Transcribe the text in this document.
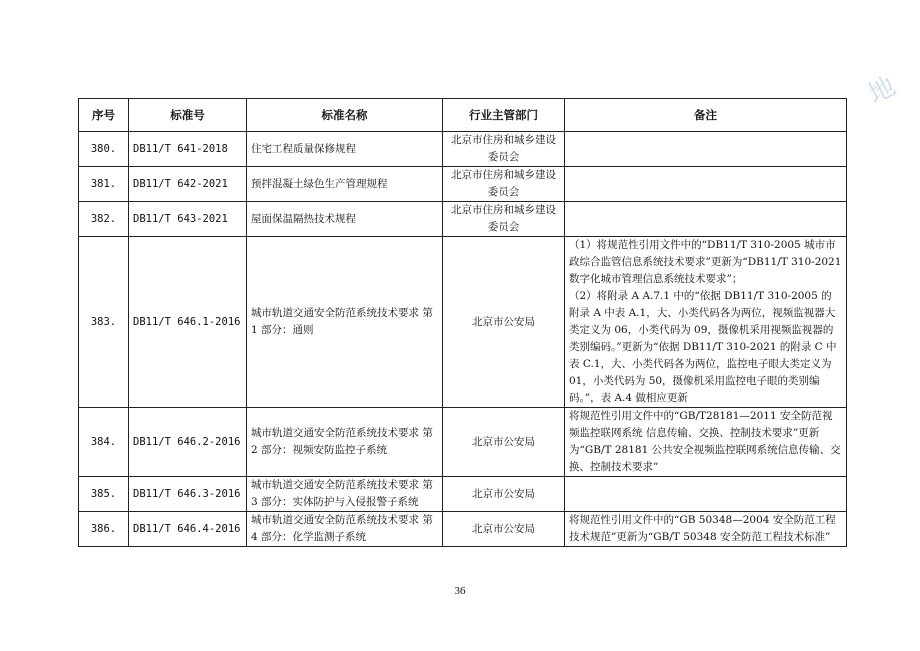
地
序号	标准号	标准名称	行业主管部门	备注
380.	DB11/T 641-2018	住宅工程质量保修规程	北京市住房和城乡建设委员会	
381.	DB11/T 642-2021	预拌混凝土绿色生产管理规程	北京市住房和城乡建设委员会	
382.	DB11/T 643-2021	屋面保温隔热技术规程	北京市住房和城乡建设委员会	
383.	DB11/T 646.1-2016	城市轨道交通安全防范系统技术要求 第 1 部分：通则	北京市公安局	（1）将规范性引用文件中的“DB11/T 310-2005 城市市政综合监管信息系统技术要求”更新为“DB11/T 310-2021 数字化城市管理信息系统技术要求”；
（2）将附录 A A.7.1 中的“依据 DB11/T 310-2005 的附录 A 中表 A.1，大、小类代码各为两位，视频监视器大类定义为 06，小类代码为 09，摄像机采用视频监视器的类别编码。”更新为“依据 DB11/T 310-2021 的附录 C 中表 C.1，大、小类代码各为两位，监控电子眼大类定义为 01，小类代码为 50，摄像机采用监控电子眼的类别编码。”，表 A.4 做相应更新

384.	DB11/T 646.2-2016	城市轨道交通安全防范系统技术要求 第 2 部分：视频安防监控子系统	北京市公安局	将规范性引用文件中的“GB/T28181—2011 安全防范视频监控联网系统 信息传输、交换、控制技术要求”更新为“GB/T 28181 公共安全视频监控联网系统信息传输、交换、控制技术要求”

385.	DB11/T 646.3-2016	城市轨道交通安全防范系统技术要求 第 3 部分：实体防护与入侵报警子系统	北京市公安局	
386.	DB11/T 646.4-2016	城市轨道交通安全防范系统技术要求 第 4 部分：化学监测子系统	北京市公安局	将规范性引用文件中的“GB 50348—2004 安全防范工程技术规范”更新为“GB/T 50348 安全防范工程技术标准”
36
